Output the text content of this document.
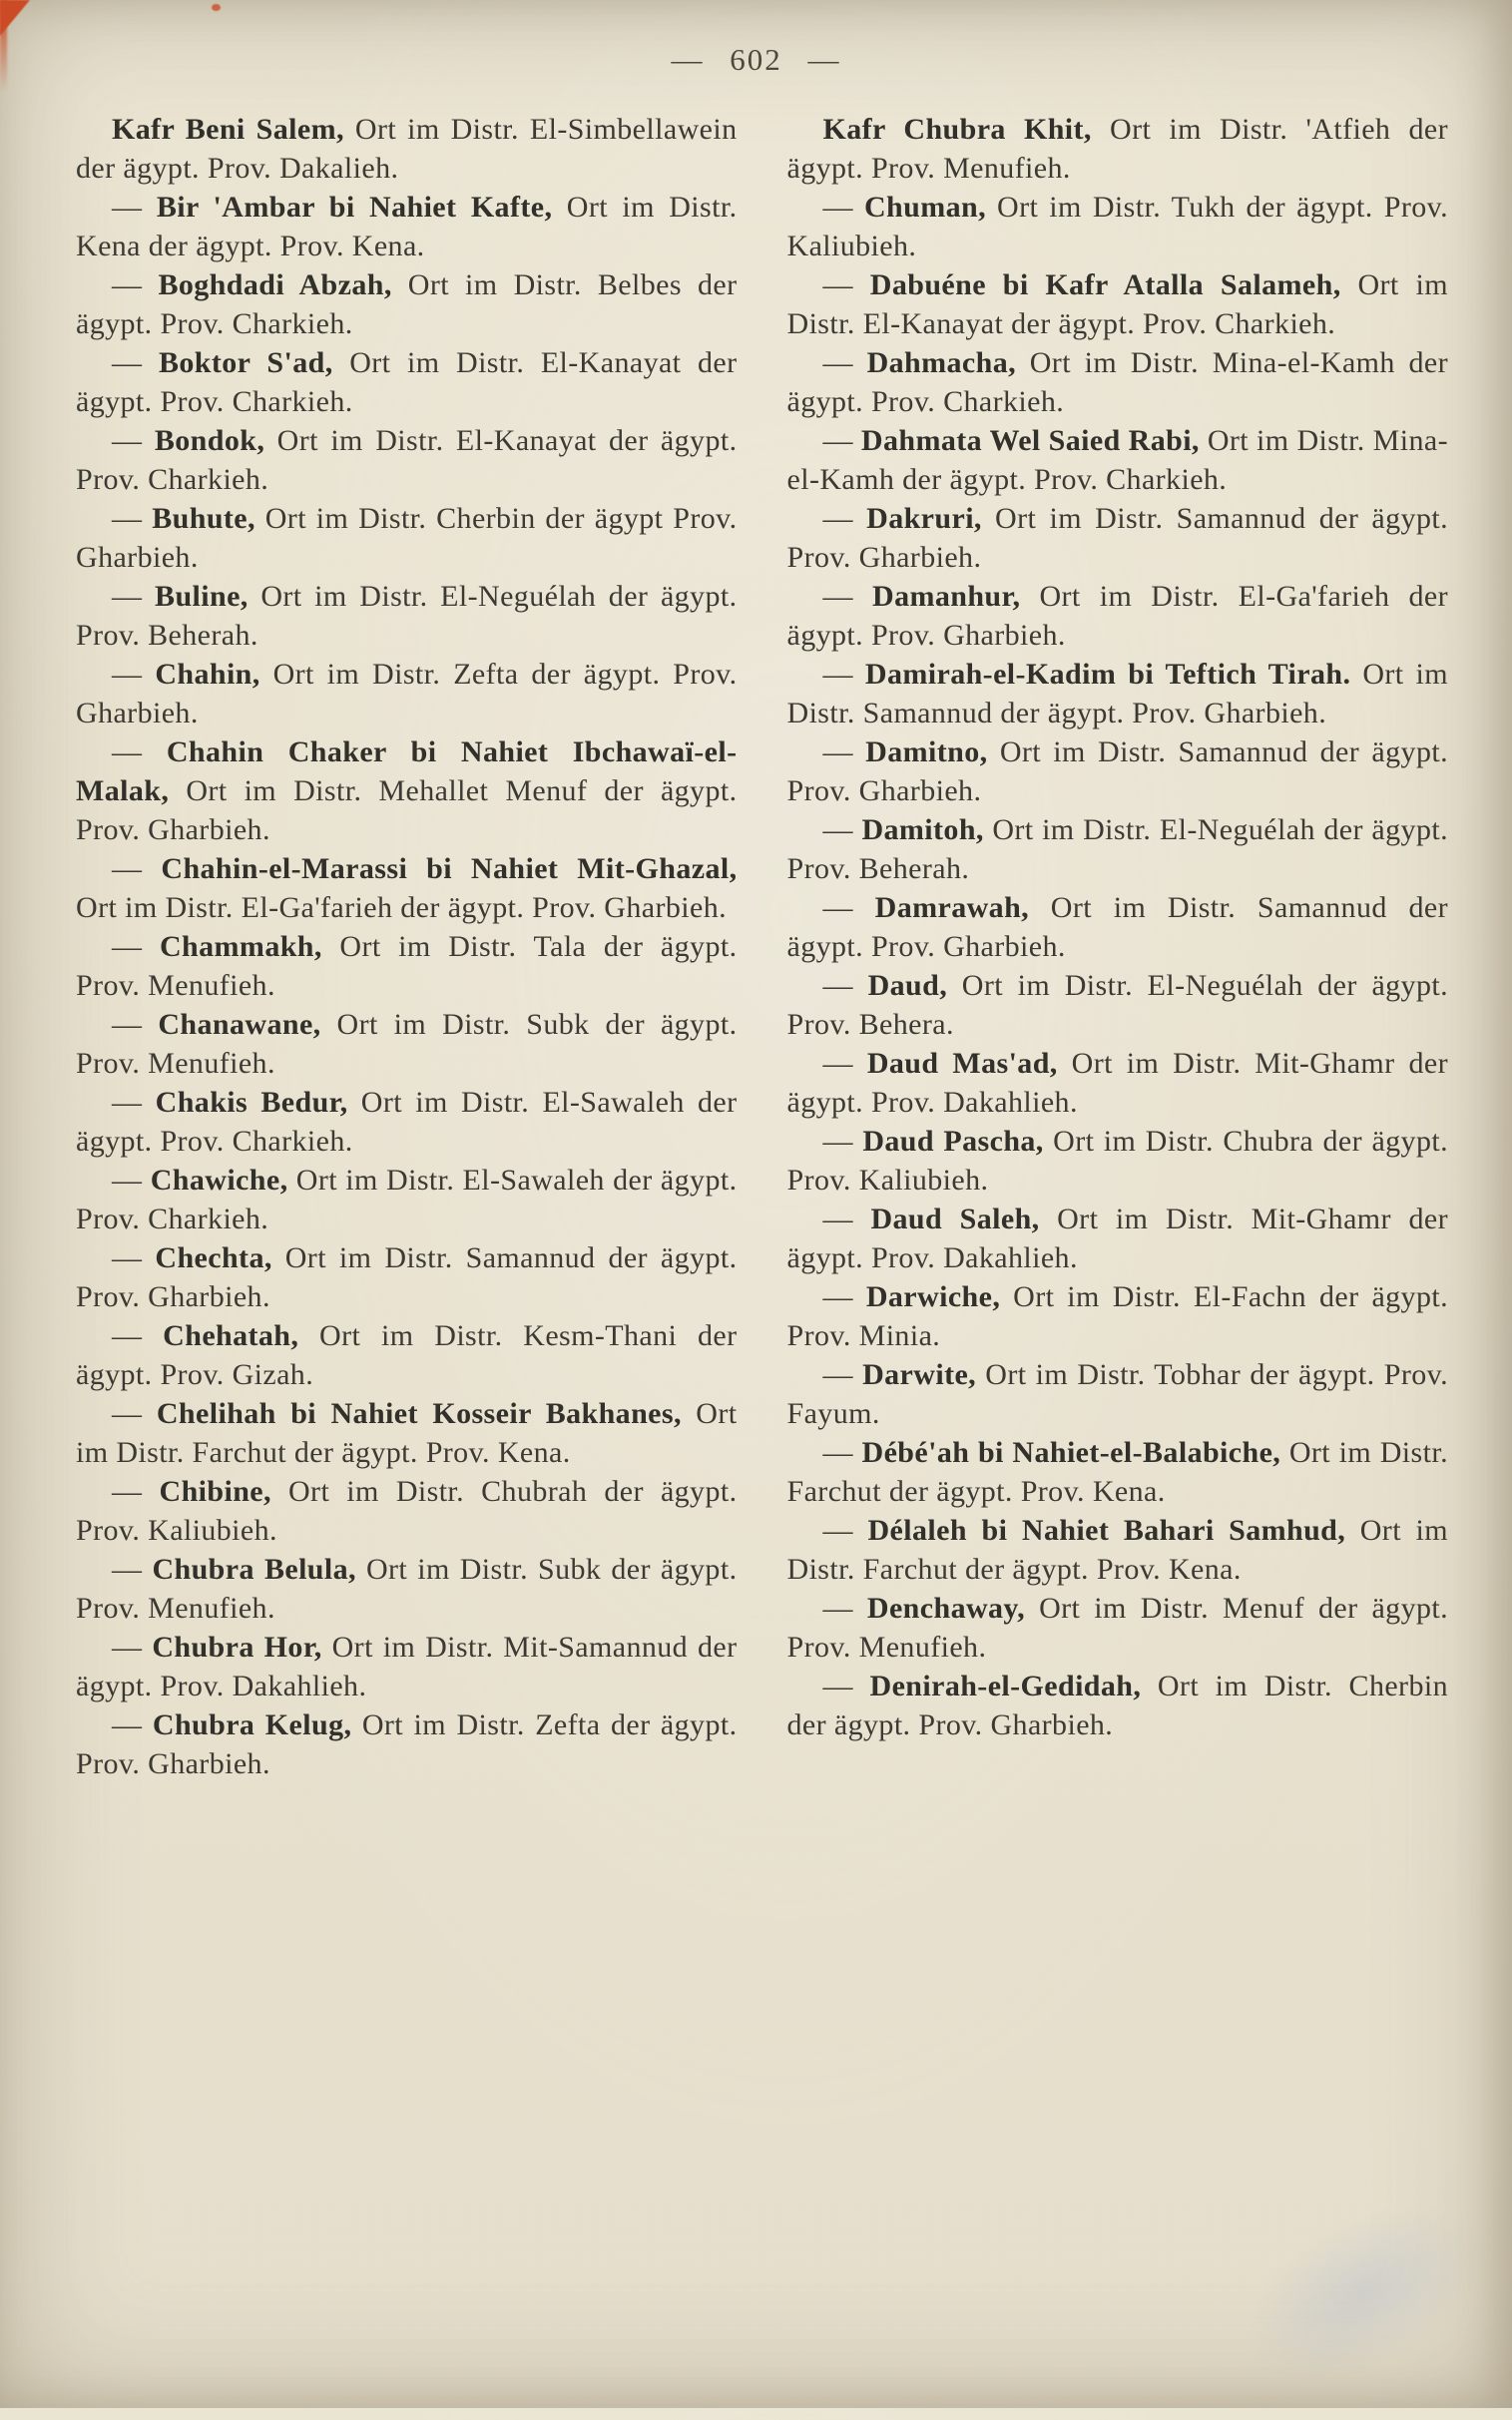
— 602 —

Kafr Beni Salem, Ort im Distr. El-Simbellawein der ägypt. Prov. Dakalieh.

— Bir 'Ambar bi Nahiet Kafte, Ort im Distr. Kena der ägypt. Prov. Kena.

— Boghdadi Abzah, Ort im Distr. Belbes der ägypt. Prov. Charkieh.

— Boktor S'ad, Ort im Distr. El-Kanayat der ägypt. Prov. Charkieh.

— Bondok, Ort im Distr. El-Kanayat der ägypt. Prov. Charkieh.

— Buhute, Ort im Distr. Cherbin der ägypt Prov. Gharbieh.

— Buline, Ort im Distr. El-Neguélah der ägypt. Prov. Beherah.

— Chahin, Ort im Distr. Zefta der ägypt. Prov. Gharbieh.

— Chahin Chaker bi Nahiet Ibchawaï-el-Malak, Ort im Distr. Mehallet Menuf der ägypt. Prov. Gharbieh.

— Chahin-el-Marassi bi Nahiet Mit-Ghazal, Ort im Distr. El-Ga'farieh der ägypt. Prov. Gharbieh.

— Chammakh, Ort im Distr. Tala der ägypt. Prov. Menufieh.

— Chanawane, Ort im Distr. Subk der ägypt. Prov. Menufieh.

— Chakis Bedur, Ort im Distr. El-Sawaleh der ägypt. Prov. Charkieh.

— Chawiche, Ort im Distr. El-Sawaleh der ägypt. Prov. Charkieh.

— Chechta, Ort im Distr. Samannud der ägypt. Prov. Gharbieh.

— Chehatah, Ort im Distr. Kesm-Thani der ägypt. Prov. Gizah.

— Chelihah bi Nahiet Kosseir Bakhanes, Ort im Distr. Farchut der ägypt. Prov. Kena.

— Chibine, Ort im Distr. Chubrah der ägypt. Prov. Kaliubieh.

— Chubra Belula, Ort im Distr. Subk der ägypt. Prov. Menufieh.

— Chubra Hor, Ort im Distr. Mit-Samannud der ägypt. Prov. Dakahlieh.

— Chubra Kelug, Ort im Distr. Zefta der ägypt. Prov. Gharbieh.

Kafr Chubra Khit, Ort im Distr. 'Atfieh der ägypt. Prov. Menufieh.

— Chuman, Ort im Distr. Tukh der ägypt. Prov. Kaliubieh.

— Dabuéne bi Kafr Atalla Salameh, Ort im Distr. El-Kanayat der ägypt. Prov. Charkieh.

— Dahmacha, Ort im Distr. Mina-el-Kamh der ägypt. Prov. Charkieh.

— Dahmata Wel Saied Rabi, Ort im Distr. Mina-el-Kamh der ägypt. Prov. Charkieh.

— Dakruri, Ort im Distr. Samannud der ägypt. Prov. Gharbieh.

— Damanhur, Ort im Distr. El-Ga'farieh der ägypt. Prov. Gharbieh.

— Damirah-el-Kadim bi Teftich Tirah. Ort im Distr. Samannud der ägypt. Prov. Gharbieh.

— Damitno, Ort im Distr. Samannud der ägypt. Prov. Gharbieh.

— Damitoh, Ort im Distr. El-Neguélah der ägypt. Prov. Beherah.

— Damrawah, Ort im Distr. Samannud der ägypt. Prov. Gharbieh.

— Daud, Ort im Distr. El-Neguélah der ägypt. Prov. Behera.

— Daud Mas'ad, Ort im Distr. Mit-Ghamr der ägypt. Prov. Dakahlieh.

— Daud Pascha, Ort im Distr. Chubra der ägypt. Prov. Kaliubieh.

— Daud Saleh, Ort im Distr. Mit-Ghamr der ägypt. Prov. Dakahlieh.

— Darwiche, Ort im Distr. El-Fachn der ägypt. Prov. Minia.

— Darwite, Ort im Distr. Tobhar der ägypt. Prov. Fayum.

— Débé'ah bi Nahiet-el-Balabiche, Ort im Distr. Farchut der ägypt. Prov. Kena.

— Délaleh bi Nahiet Bahari Samhud, Ort im Distr. Farchut der ägypt. Prov. Kena.

— Denchaway, Ort im Distr. Menuf der ägypt. Prov. Menufieh.

— Denirah-el-Gedidah, Ort im Distr. Cherbin der ägypt. Prov. Gharbieh.
